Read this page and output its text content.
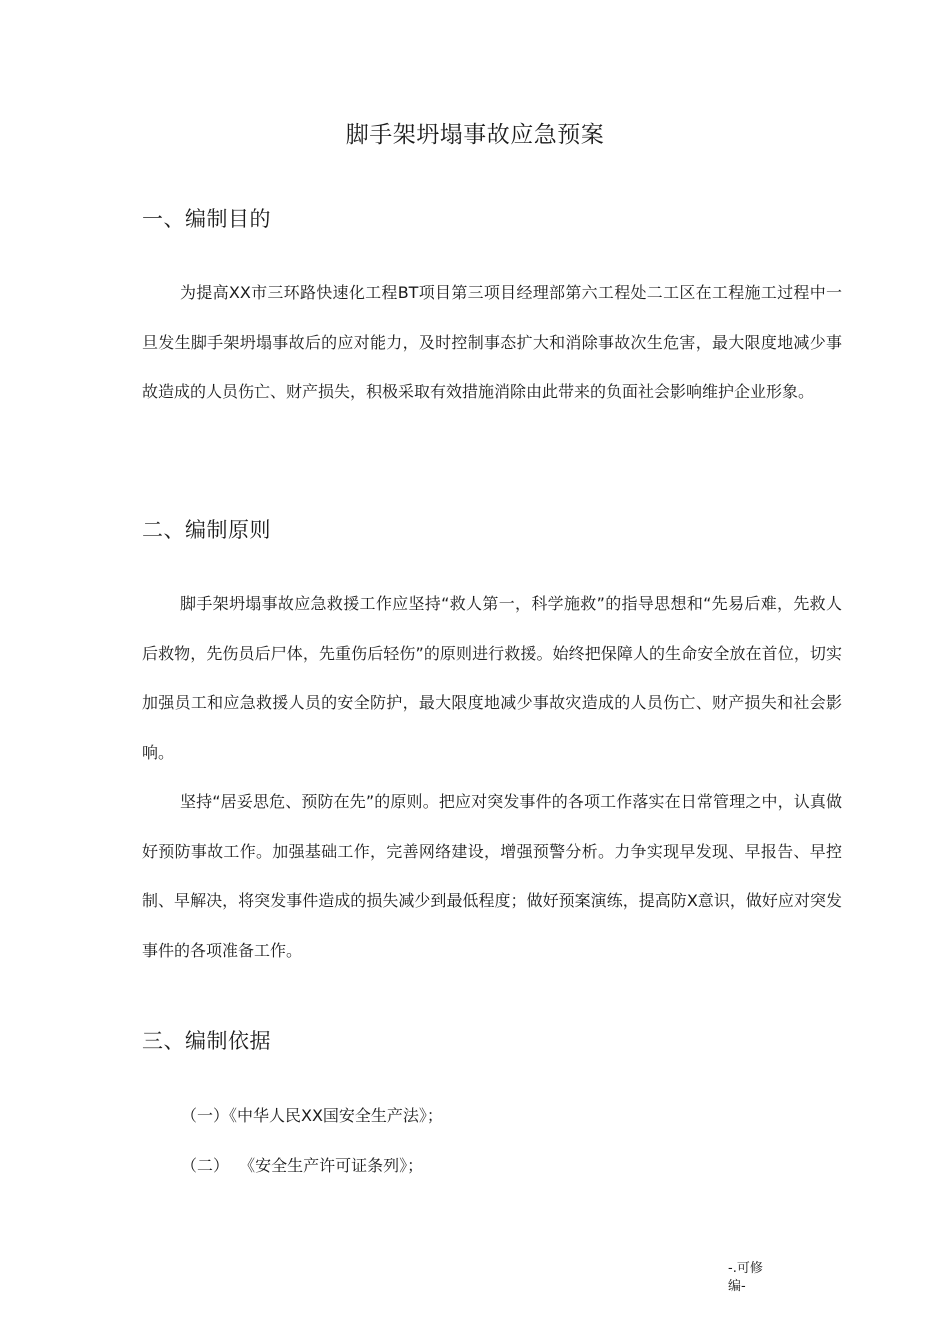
脚手架坍塌事故应急预案
一、编制目的
为提高XX市三环路快速化工程BT项目第三项目经理部第六工程处二工区在工程施工过程中一旦发生脚手架坍塌事故后的应对能力，及时控制事态扩大和消除事故次生危害，最大限度地减少事故造成的人员伤亡、财产损失，积极采取有效措施消除由此带来的负面社会影响维护企业形象。
二、编制原则
脚手架坍塌事故应急救援工作应坚持“救人第一，科学施救”的指导思想和“先易后难，先救人后救物，先伤员后尸体，先重伤后轻伤”的原则进行救援。始终把保障人的生命安全放在首位，切实加强员工和应急救援人员的安全防护，最大限度地减少事故灾造成的人员伤亡、财产损失和社会影响。
坚持“居妥思危、预防在先”的原则。把应对突发事件的各项工作落实在日常管理之中，认真做好预防事故工作。加强基础工作，完善网络建设，增强预警分析。力争实现早发现、早报告、早控制、早解决，将突发事件造成的损失减少到最低程度；做好预案演练，提高防X意识，做好应对突发事件的各项准备工作。
三、编制依据
（一）《中华人民XX国安全生产法》；
（二）  《安全生产许可证条列》；
-.可修编-
